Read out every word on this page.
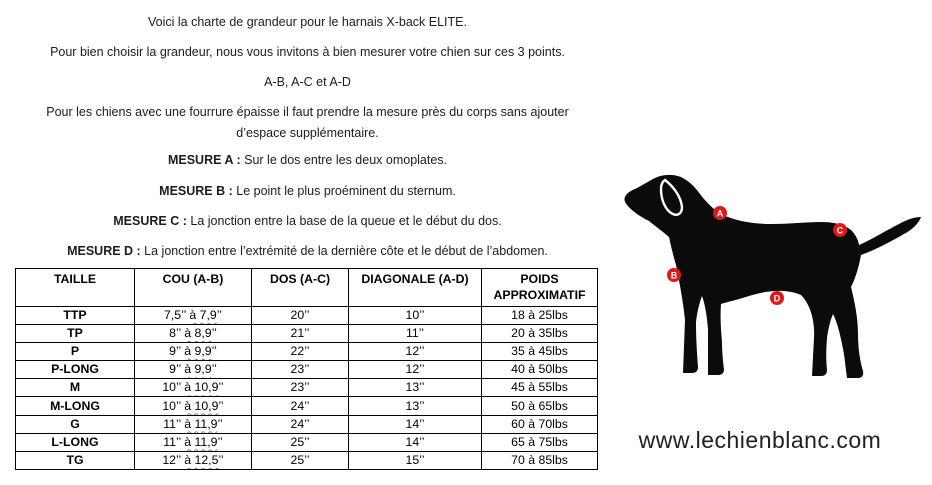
Voici la charte de grandeur pour le harnais X-back ELITE.

Pour bien choisir la grandeur, nous vous invitons à bien mesurer votre chien sur ces 3 points.

A-B, A-C et A-D

Pour les chiens avec une fourrure épaisse il faut prendre la mesure près du corps sans ajouter d’espace supplémentaire.

MESURE A : Sur le dos entre les deux omoplates.

MESURE B : Le point le plus proéminent du sternum.

MESURE C : La jonction entre la base de la queue et le début du dos.

MESURE D : La jonction entre l’extrémité de la dernière côte et le début de l’abdomen.

TAILLE	COU (A-B)	DOS (A-C)	DIAGONALE (A-D)	POIDS APPROXIMATIF
TTP	7,5’’ à 7,9’’	20’’	10’’	18 à 25lbs
TP	8’’ à 8,9’’	21’’	11’’	20 à 35lbs
P	9’’ à 9,9’’	22’’	12’’	35 à 45lbs
P-LONG	9’’ à 9,9’’	23’’	12’’	40 à 50lbs
M	10’’ à 10,9’’	23’’	13’’	45 à 55lbs
M-LONG	10’’ à 10,9’’	24’’	13’’	50 à 65lbs
G	11’’ à 11,9’’	24’’	14’’	60 à 70lbs
L-LONG	11’’ à 11,9’’	25’’	14’’	65 à 75lbs
TG	12’’ à 12,5’’	25’’	15’’	70 à 85lbs
A
B
C
D
www.lechienblanc.com
